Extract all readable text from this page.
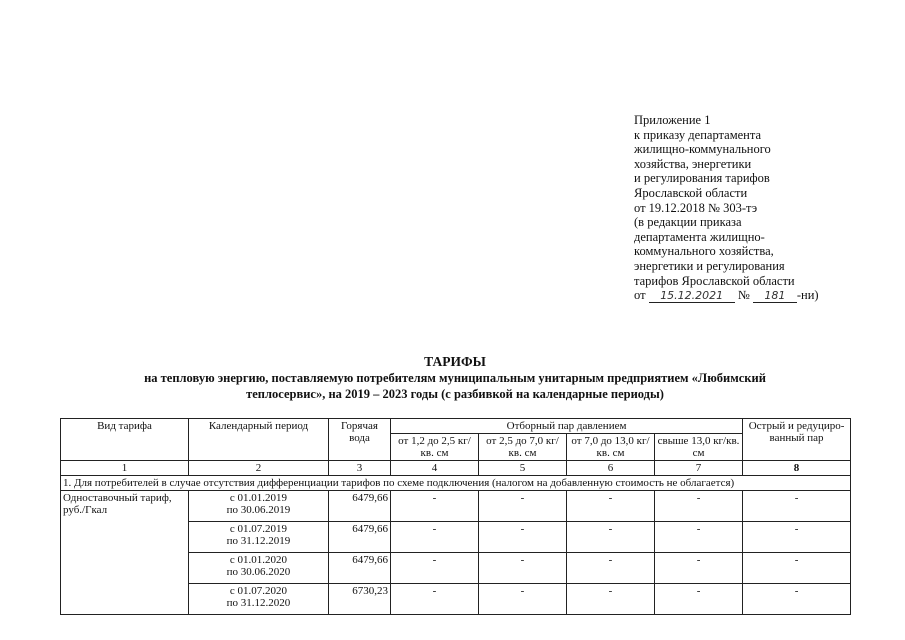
Приложение 1
к приказу департамента
жилищно-коммунального
хозяйства, энергетики
и регулирования тарифов
Ярославской области
от 19.12.2018 № 303-тэ
(в редакции приказа
департамента жилищно-
коммунального хозяйства,
энергетики и регулирования
тарифов Ярославской области
от 15.12.2021 № 181 -ни)
ТАРИФЫ
на тепловую энергию, поставляемую потребителям муниципальным унитарным предприятием «Любимский
теплосервис», на 2019 – 2023 годы (с разбивкой на календарные периоды)
Вид тарифа	Календарный период	Горячая вода	Отборный пар давлением				Острый и редуциро-ванный пар
			от 1,2 до 2,5 кг/кв. см	от 2,5 до 7,0 кг/кв. см	от 7,0 до 13,0 кг/кв. см	свыше 13,0 кг/кв. см	
1	2	3	4	5	6	7	8
1. Для потребителей в случае отсутствия дифференциации тарифов по схеме подключения (налогом на добавленную стоимость не облагается)							
Одноставочный тариф, руб./Гкал	с 01.01.2019
по 30.06.2019	6479,66	-	-	-	-	-
	с 01.07.2019
по 31.12.2019	6479,66	-	-	-	-	-
	с 01.01.2020
по 30.06.2020	6479,66	-	-	-	-	-
	с 01.07.2020
по 31.12.2020	6730,23	-	-	-	-	-
